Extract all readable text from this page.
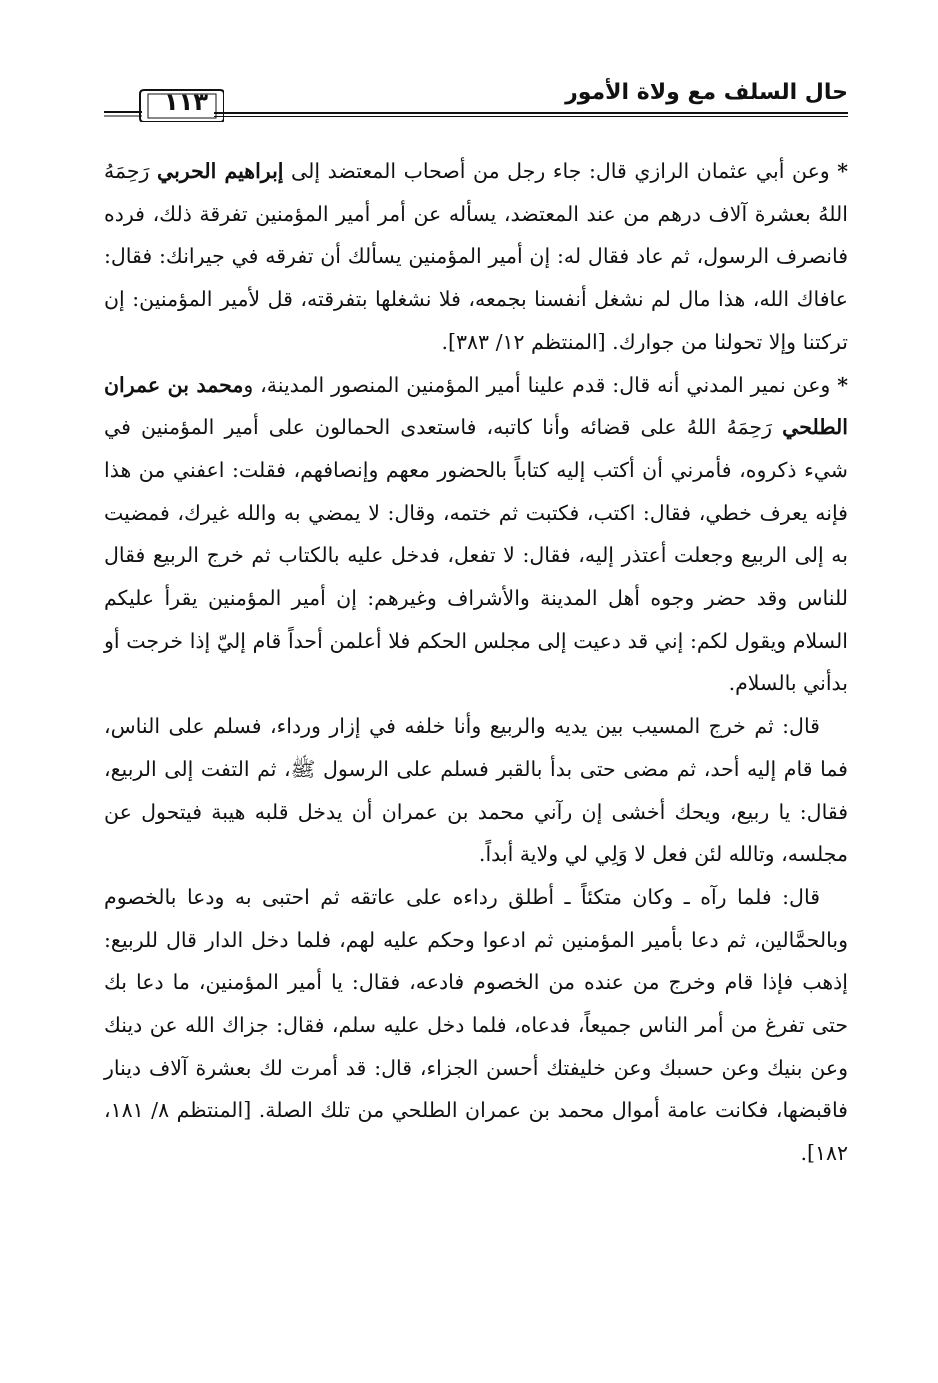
حال السلف مع ولاة الأمور
١١٣

* وعن أبي عثمان الرازي قال: جاء رجل من أصحاب المعتضد إلى إبراهيم الحربي رَحِمَهُ اللهُ بعشرة آلاف درهم من عند المعتضد، يسأله عن أمر أمير المؤمنين تفرقة ذلك، فرده فانصرف الرسول، ثم عاد فقال له: إن أمير المؤمنين يسألك أن تفرقه في جيرانك: فقال: عافاك الله، هذا مال لم نشغل أنفسنا بجمعه، فلا نشغلها بتفرقته، قل لأمير المؤمنين: إن تركتنا وإلا تحولنا من جوارك. [المنتظم ١٢/ ٣٨٣].

* وعن نمير المدني أنه قال: قدم علينا أمير المؤمنين المنصور المدينة، ومحمد بن عمران الطلحي رَحِمَهُ اللهُ على قضائه وأنا كاتبه، فاستعدى الحمالون على أمير المؤمنين في شيء ذكروه، فأمرني أن أكتب إليه كتاباً بالحضور معهم وإنصافهم، فقلت: اعفني من هذا فإنه يعرف خطي، فقال: اكتب، فكتبت ثم ختمه، وقال: لا يمضي به والله غيرك، فمضيت به إلى الربيع وجعلت أعتذر إليه، فقال: لا تفعل، فدخل عليه بالكتاب ثم خرج الربيع فقال للناس وقد حضر وجوه أهل المدينة والأشراف وغيرهم: إن أمير المؤمنين يقرأ عليكم السلام ويقول لكم: إني قد دعيت إلى مجلس الحكم فلا أعلمن أحداً قام إليّ إذا خرجت أو بدأني بالسلام.

قال: ثم خرج المسيب بين يديه والربيع وأنا خلفه في إزار ورداء، فسلم على الناس، فما قام إليه أحد، ثم مضى حتى بدأ بالقبر فسلم على الرسول ﷺ، ثم التفت إلى الربيع، فقال: يا ربيع، ويحك أخشى إن رآني محمد بن عمران أن يدخل قلبه هيبة فيتحول عن مجلسه، وتالله لئن فعل لا وَلِي لي ولاية أبداً.

قال: فلما رآه ـ وكان متكئاً ـ أطلق رداءه على عاتقه ثم احتبى به ودعا بالخصوم وبالحمَّالين، ثم دعا بأمير المؤمنين ثم ادعوا وحكم عليه لهم، فلما دخل الدار قال للربيع: إذهب فإذا قام وخرج من عنده من الخصوم فادعه، فقال: يا أمير المؤمنين، ما دعا بك حتى تفرغ من أمر الناس جميعاً، فدعاه، فلما دخل عليه سلم، فقال: جزاك الله عن دينك وعن بنيك وعن حسبك وعن خليفتك أحسن الجزاء، قال: قد أمرت لك بعشرة آلاف دينار فاقبضها، فكانت عامة أموال محمد بن عمران الطلحي من تلك الصلة. [المنتظم ٨/ ١٨١، ١٨٢].
